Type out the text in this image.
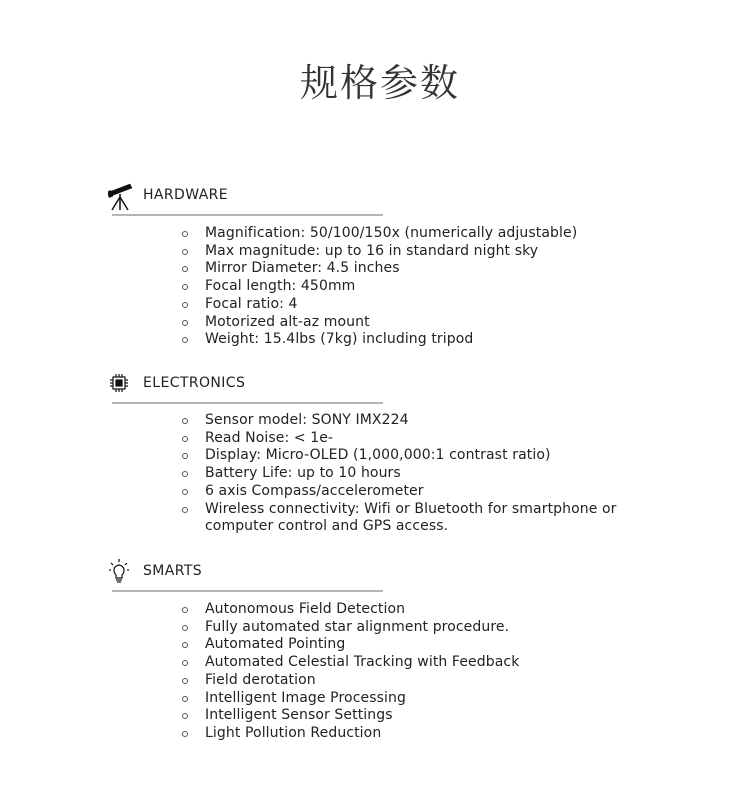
规格参数
HARDWARE
Magnification: 50/100/150x (numerically adjustable)
Max magnitude: up to 16 in standard night sky
Mirror Diameter: 4.5 inches
Focal length: 450mm
Focal ratio: 4
Motorized alt-az mount
Weight: 15.4lbs (7kg) including tripod
ELECTRONICS
Sensor model: SONY IMX224
Read Noise: < 1e-
Display: Micro-OLED (1,000,000:1 contrast ratio)
Battery Life: up to 10 hours
6 axis Compass/accelerometer
Wireless connectivity: Wifi or Bluetooth for smartphone or computer control and GPS access.
SMARTS
Autonomous Field Detection
Fully automated star alignment procedure.
Automated Pointing
Automated Celestial Tracking with Feedback
Field derotation
Intelligent Image Processing
Intelligent Sensor Settings
Light Pollution Reduction
